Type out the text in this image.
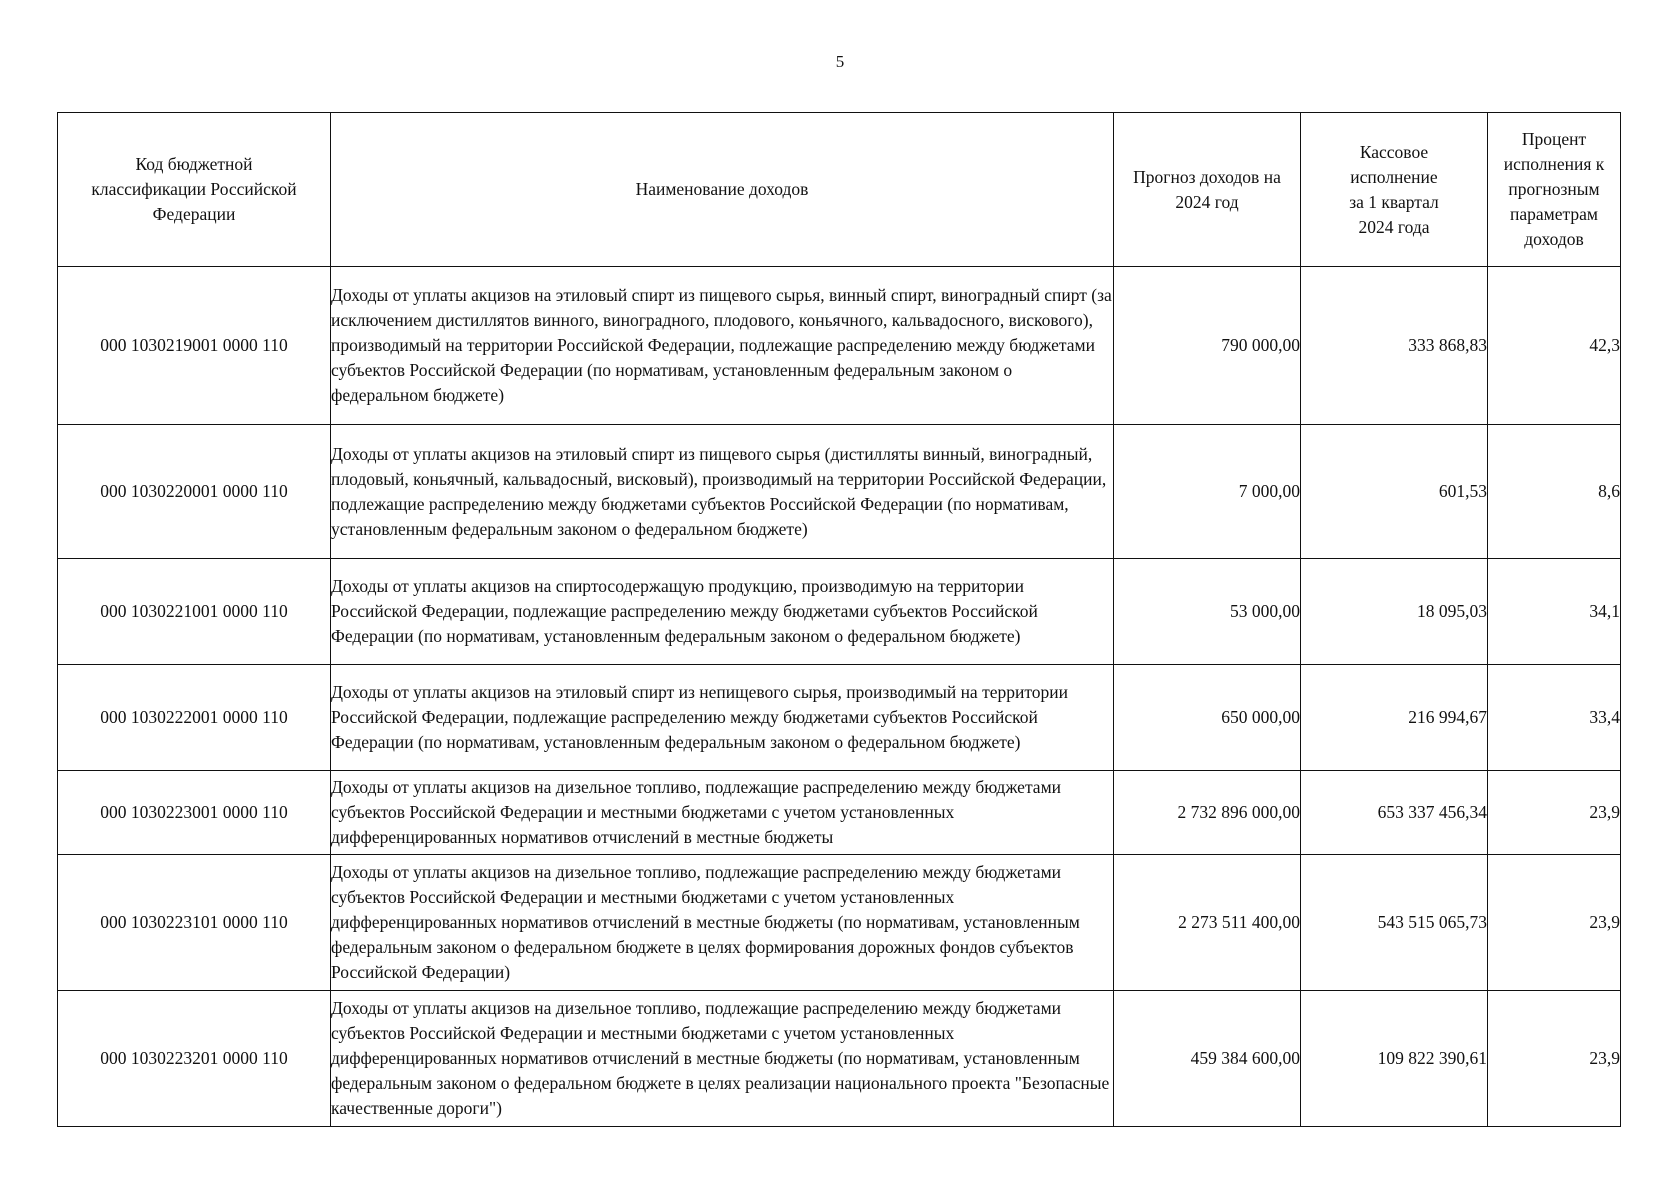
5
Код бюджетной классификации Российской Федерации	Наименование доходов	Прогноз доходов на 2024 год	Кассовое исполнение за 1 квартал 2024 года	Процент исполнения к прогнозным параметрам доходов

000 1030219001 0000 110	Доходы от уплаты акцизов на этиловый спирт из пищевого сырья, винный спирт, виноградный спирт (за исключением дистиллятов винного, виноградного, плодового, коньячного, кальвадосного, вискового), производимый на территории Российской Федерации, подлежащие распределению между бюджетами субъектов Российской Федерации (по нормативам, установленным федеральным законом о федеральном бюджете)	790 000,00	333 868,83	42,3
000 1030220001 0000 110	Доходы от уплаты акцизов на этиловый спирт из пищевого сырья (дистилляты винный, виноградный, плодовый, коньячный, кальвадосный, висковый), производимый на территории Российской Федерации, подлежащие распределению между бюджетами субъектов Российской Федерации (по нормативам, установленным федеральным законом о федеральном бюджете)	7 000,00	601,53	8,6
000 1030221001 0000 110	Доходы от уплаты акцизов на спиртосодержащую продукцию, производимую на территории Российской Федерации, подлежащие распределению между бюджетами субъектов Российской Федерации (по нормативам, установленным федеральным законом о федеральном бюджете)	53 000,00	18 095,03	34,1
000 1030222001 0000 110	Доходы от уплаты акцизов на этиловый спирт из непищевого сырья, производимый на территории Российской Федерации, подлежащие распределению между бюджетами субъектов Российской Федерации (по нормативам, установленным федеральным законом о федеральном бюджете)	650 000,00	216 994,67	33,4
000 1030223001 0000 110	Доходы от уплаты акцизов на дизельное топливо, подлежащие распределению между бюджетами субъектов Российской Федерации и местными бюджетами с учетом установленных дифференцированных нормативов отчислений в местные бюджеты	2 732 896 000,00	653 337 456,34	23,9
000 1030223101 0000 110	Доходы от уплаты акцизов на дизельное топливо, подлежащие распределению между бюджетами субъектов Российской Федерации и местными бюджетами с учетом установленных дифференцированных нормативов отчислений в местные бюджеты (по нормативам, установленным федеральным законом о федеральном бюджете в целях формирования дорожных фондов субъектов Российской Федерации)	2 273 511 400,00	543 515 065,73	23,9
000 1030223201 0000 110	Доходы от уплаты акцизов на дизельное топливо, подлежащие распределению между бюджетами субъектов Российской Федерации и местными бюджетами с учетом установленных дифференцированных нормативов отчислений в местные бюджеты (по нормативам, установленным федеральным законом о федеральном бюджете в целях реализации национального проекта "Безопасные качественные дороги")	459 384 600,00	109 822 390,61	23,9
